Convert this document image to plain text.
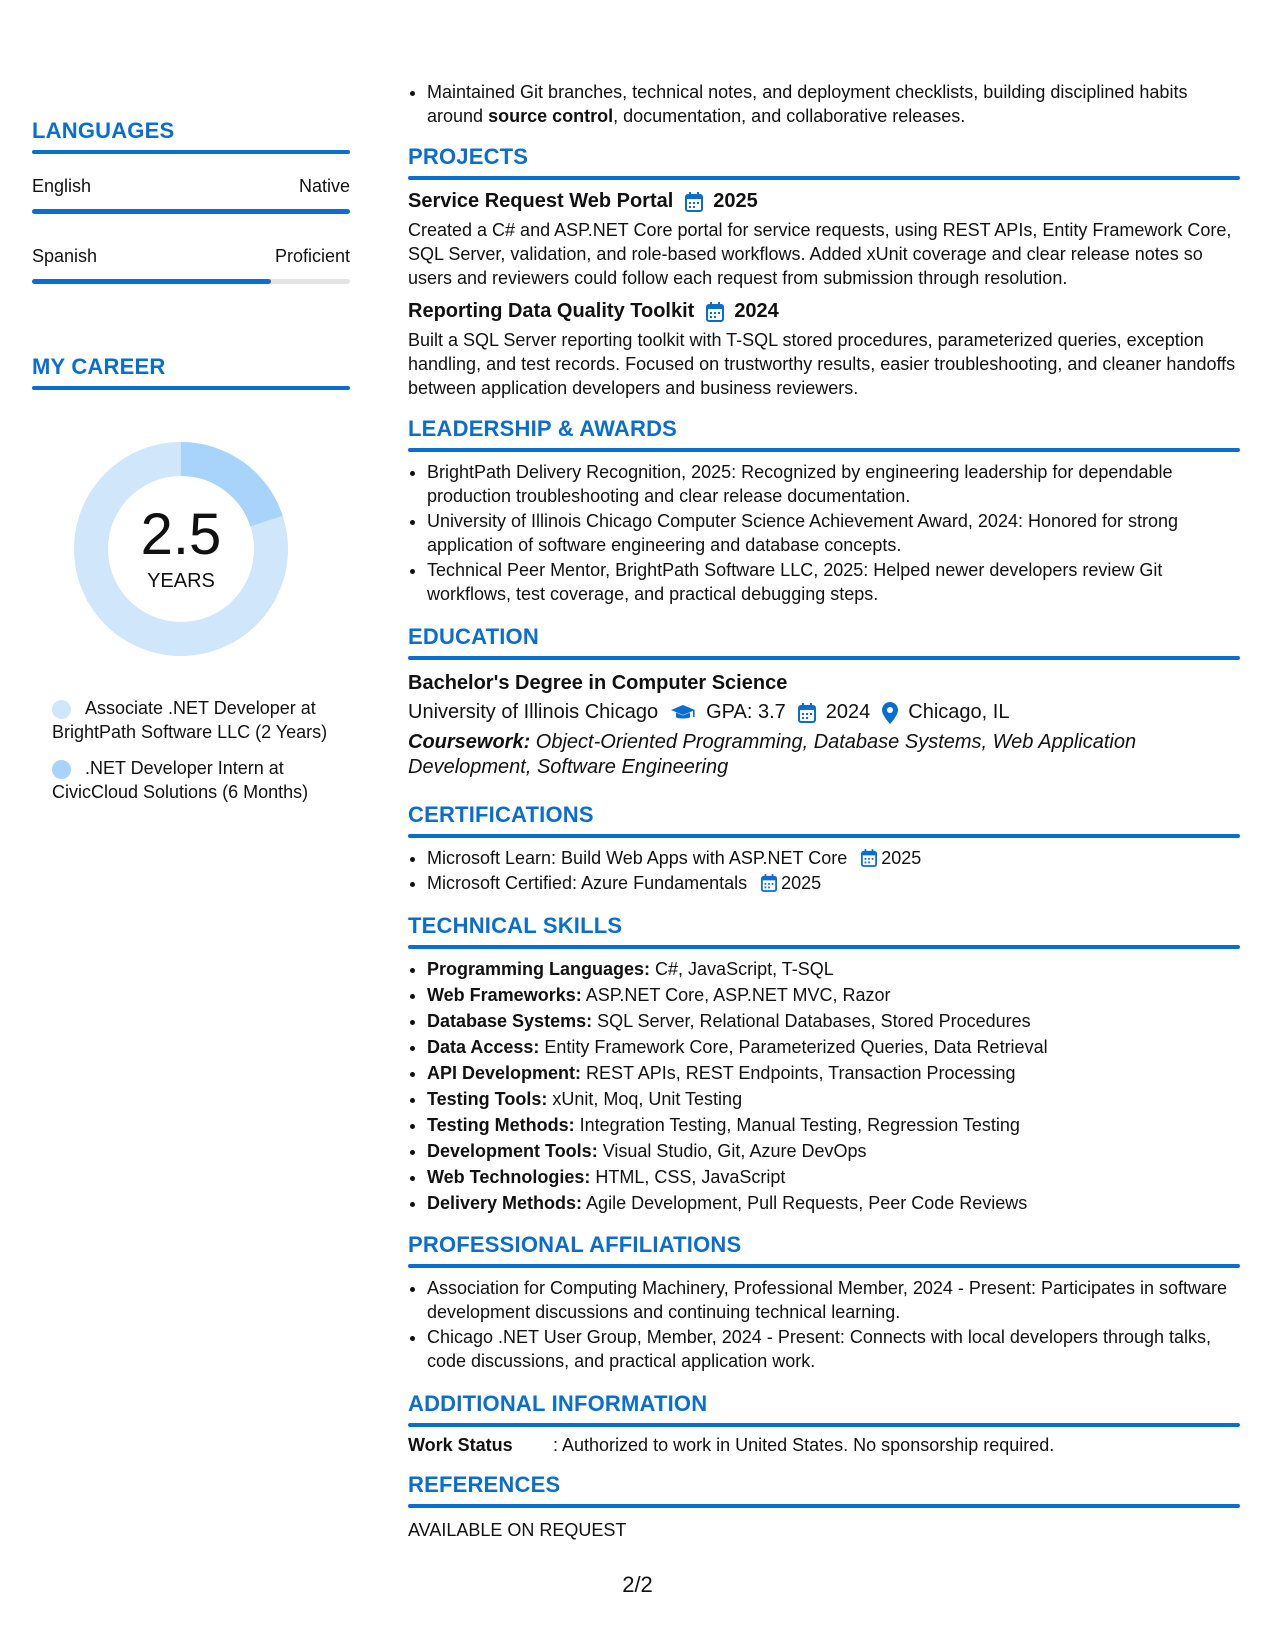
LANGUAGES
English	Native
Spanish	Proficient
MY CAREER
2.5
YEARS
Associate .NET Developer at BrightPath Software LLC (2 Years)
.NET Developer Intern at CivicCloud Solutions (6 Months)
• Maintained Git branches, technical notes, and deployment checklists, building disciplined habits around source control, documentation, and collaborative releases.
PROJECTS
Service Request Web Portal 2025
Created a C# and ASP.NET Core portal for service requests, using REST APIs, Entity Framework Core, SQL Server, validation, and role-based workflows. Added xUnit coverage and clear release notes so users and reviewers could follow each request from submission through resolution.
Reporting Data Quality Toolkit 2024
Built a SQL Server reporting toolkit with T-SQL stored procedures, parameterized queries, exception handling, and test records. Focused on trustworthy results, easier troubleshooting, and cleaner handoffs between application developers and business reviewers.
LEADERSHIP & AWARDS
• BrightPath Delivery Recognition, 2025: Recognized by engineering leadership for dependable production troubleshooting and clear release documentation.
• University of Illinois Chicago Computer Science Achievement Award, 2024: Honored for strong application of software engineering and database concepts.
• Technical Peer Mentor, BrightPath Software LLC, 2025: Helped newer developers review Git workflows, test coverage, and practical debugging steps.
EDUCATION
Bachelor's Degree in Computer Science
University of Illinois Chicago GPA: 3.7 2024 Chicago, IL
Coursework: Object-Oriented Programming, Database Systems, Web Application Development, Software Engineering
CERTIFICATIONS
• Microsoft Learn: Build Web Apps with ASP.NET Core 2025
• Microsoft Certified: Azure Fundamentals 2025
TECHNICAL SKILLS
• Programming Languages: C#, JavaScript, T-SQL
• Web Frameworks: ASP.NET Core, ASP.NET MVC, Razor
• Database Systems: SQL Server, Relational Databases, Stored Procedures
• Data Access: Entity Framework Core, Parameterized Queries, Data Retrieval
• API Development: REST APIs, REST Endpoints, Transaction Processing
• Testing Tools: xUnit, Moq, Unit Testing
• Testing Methods: Integration Testing, Manual Testing, Regression Testing
• Development Tools: Visual Studio, Git, Azure DevOps
• Web Technologies: HTML, CSS, JavaScript
• Delivery Methods: Agile Development, Pull Requests, Peer Code Reviews
PROFESSIONAL AFFILIATIONS
• Association for Computing Machinery, Professional Member, 2024 - Present: Participates in software development discussions and continuing technical learning.
• Chicago .NET User Group, Member, 2024 - Present: Connects with local developers through talks, code discussions, and practical application work.
ADDITIONAL INFORMATION
Work Status	: Authorized to work in United States. No sponsorship required.
REFERENCES
AVAILABLE ON REQUEST
2/2
